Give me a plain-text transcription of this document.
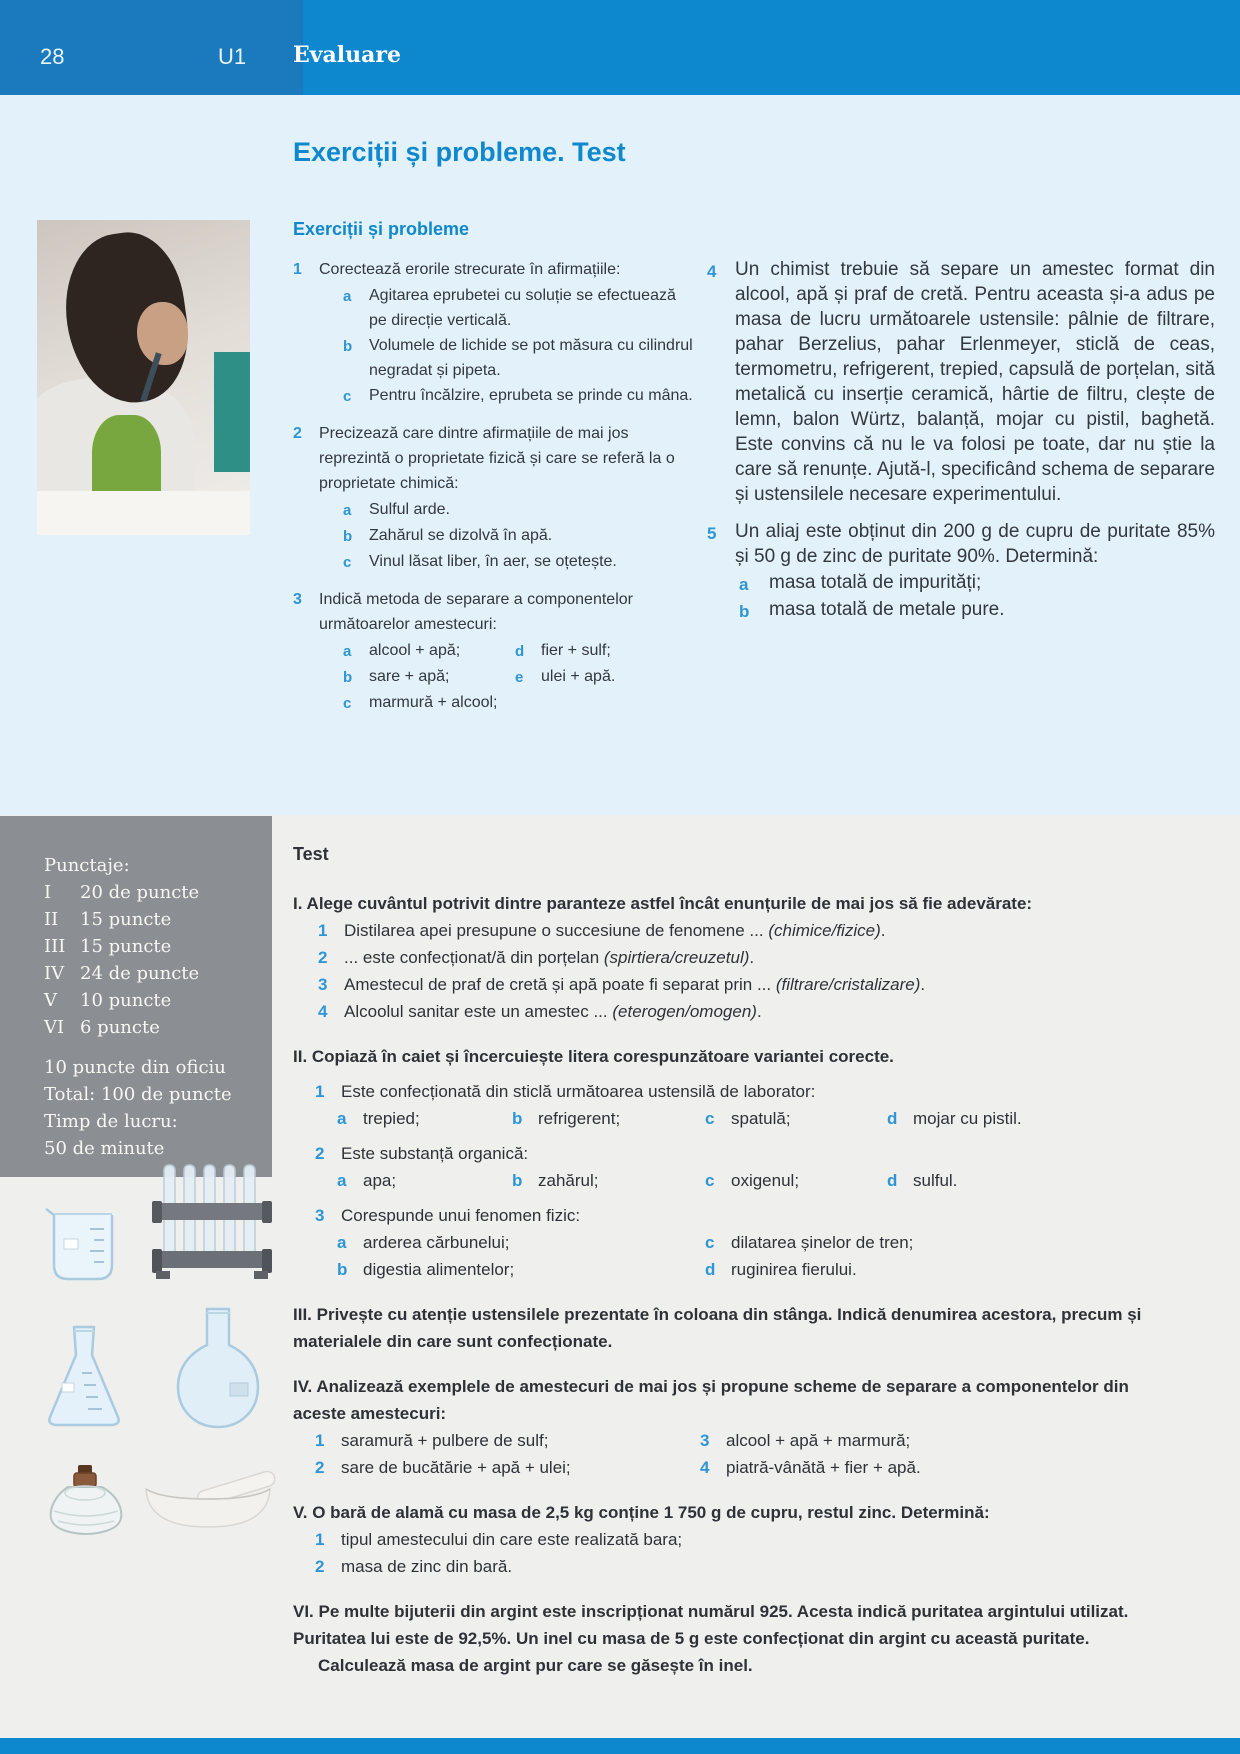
28	U1 Evaluare
Exerciții și probleme. Test
Exerciții și probleme
1	Corectează erorile strecurate în afirmațiile:
a	Agitarea eprubetei cu soluție se efectuează pe direcție verticală.
b	Volumele de lichide se pot măsura cu cilindrul negradat și pipeta.
c	Pentru încălzire, eprubeta se prinde cu mâna.
2	Precizează care dintre afirmațiile de mai jos reprezintă o proprietate fizică și care se referă la o proprietate chimică:
a	Sulful arde.
b	Zahărul se dizolvă în apă.
c	Vinul lăsat liber, în aer, se oțetește.
3	Indică metoda de separare a componentelor următoarelor amestecuri:
a	alcool + apă;
b	sare + apă;
c	marmură + alcool;
d	fier + sulf;
e	ulei + apă.
4 Un chimist trebuie să separe un amestec format din alcool, apă și praf de cretă. Pentru aceasta și-a adus pe masa de lucru următoarele ustensile: pâlnie de filtrare, pahar Berzelius, pahar Erlenmeyer, sticlă de ceas, termometru, refrigerent, trepied, capsulă de porțelan, sită metalică cu inserție ceramică, hârtie de filtru, clește de lemn, balon Würtz, balanță, mojar cu pistil, baghetă. Este convins că nu le va folosi pe toate, dar nu știe la care să renunțe. Ajută-l, specificând schema de separare și ustensilele necesare experimentului.
5 Un aliaj este obținut din 200 g de cupru de puritate 85% și 50 g de zinc de puritate 90%. Determină:
a	masa totală de impurități;
b	masa totală de metale pure.
Punctaje:
I	20 de puncte
II	15 puncte
III 15 puncte
IV 24 de puncte
V	10 puncte
VI 6 puncte
10 puncte din oficiu
Total: 100 de puncte
Timp de lucru:
50 de minute
Test
I. Alege cuvântul potrivit dintre paranteze astfel încât enunțurile de mai jos să fie adevărate:
1 Distilarea apei presupune o succesiune de fenomene ... (chimice/fizice).
2 ... este confecționat/ă din porțelan (spirtiera/creuzetul).
3 Amestecul de praf de cretă și apă poate fi separat prin ... (filtrare/cristalizare).
4 Alcoolul sanitar este un amestec ... (eterogen/omogen).
II. Copiază în caiet și încercuiește litera corespunzătoare variantei corecte.
1 Este confecționată din sticlă următoarea ustensilă de laborator:
a trepied;	b refrigerent;	c spatulă;	d mojar cu pistil.
2 Este substanță organică:
a apa;	b zahărul;	c oxigenul;	d sulful.
3 Corespunde unui fenomen fizic:
a arderea cărbunelui;
b digestia alimentelor;
c dilatarea șinelor de tren;
d ruginirea fierului.
III. Privește cu atenție ustensilele prezentate în coloana din stânga. Indică denumirea acestora, precum și materialele din care sunt confecționate.
IV. Analizează exemplele de amestecuri de mai jos și propune scheme de separare a componentelor din aceste amestecuri:
1 saramură + pulbere de sulf;
2 sare de bucătărie + apă + ulei;
3 alcool + apă + marmură;
4 piatră-vânătă + fier + apă.
V. O bară de alamă cu masa de 2,5 kg conține 1 750 g de cupru, restul zinc. Determină:
1 tipul amestecului din care este realizată bara;
2 masa de zinc din bară.
VI. Pe multe bijuterii din argint este inscripționat numărul 925. Acesta indică puritatea argintului utilizat. Puritatea lui este de 92,5%. Un inel cu masa de 5 g este confecționat din argint cu această puritate.
Calculează masa de argint pur care se găsește în inel.
